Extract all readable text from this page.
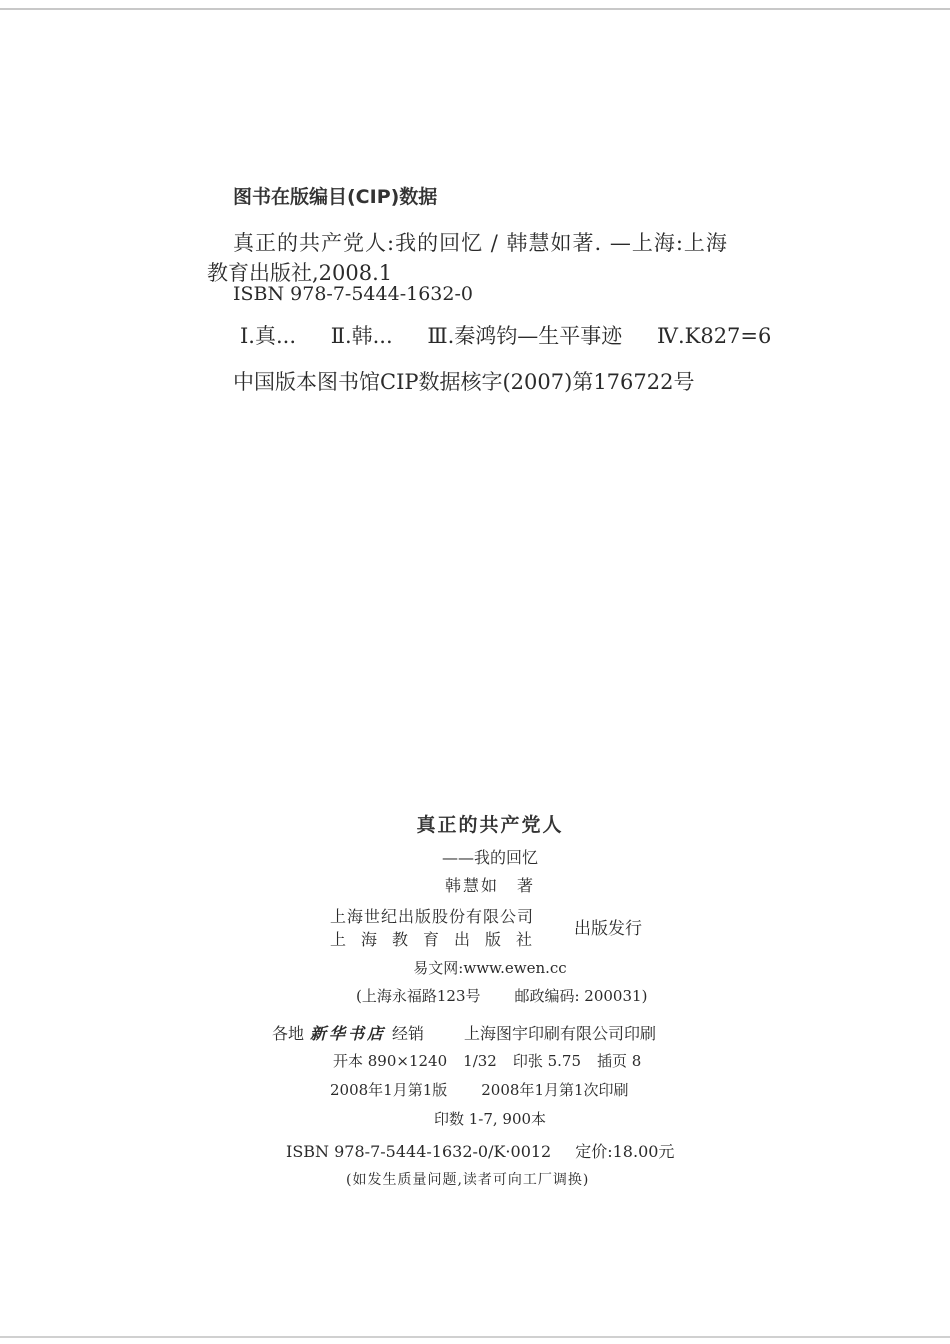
图书在版编目(CIP)数据
真正的共产党人:我的回忆 / 韩慧如著. —上海:上海
教育出版社,2008.1
ISBN 978-7-5444-1632-0
Ⅰ.真... Ⅱ.韩... Ⅲ.秦鸿钧—生平事迹 Ⅳ.K827=6
中国版本图书馆CIP数据核字(2007)第176722号
真正的共产党人
——我的回忆
韩慧如　著
上海世纪出版股份有限公司
上海教育出版社
出版发行
易文网:www.ewen.cc
(上海永福路123号 邮政编码: 200031)
各地 新华书店 经销	上海图宇印刷有限公司印刷
开本 890×1240 1/32 印张 5.75 插页 8
2008年1月第1版 2008年1月第1次印刷
印数 1-7, 900本
ISBN 978-7-5444-1632-0/K·0012 定价:18.00元
(如发生质量问题,读者可向工厂调换)
